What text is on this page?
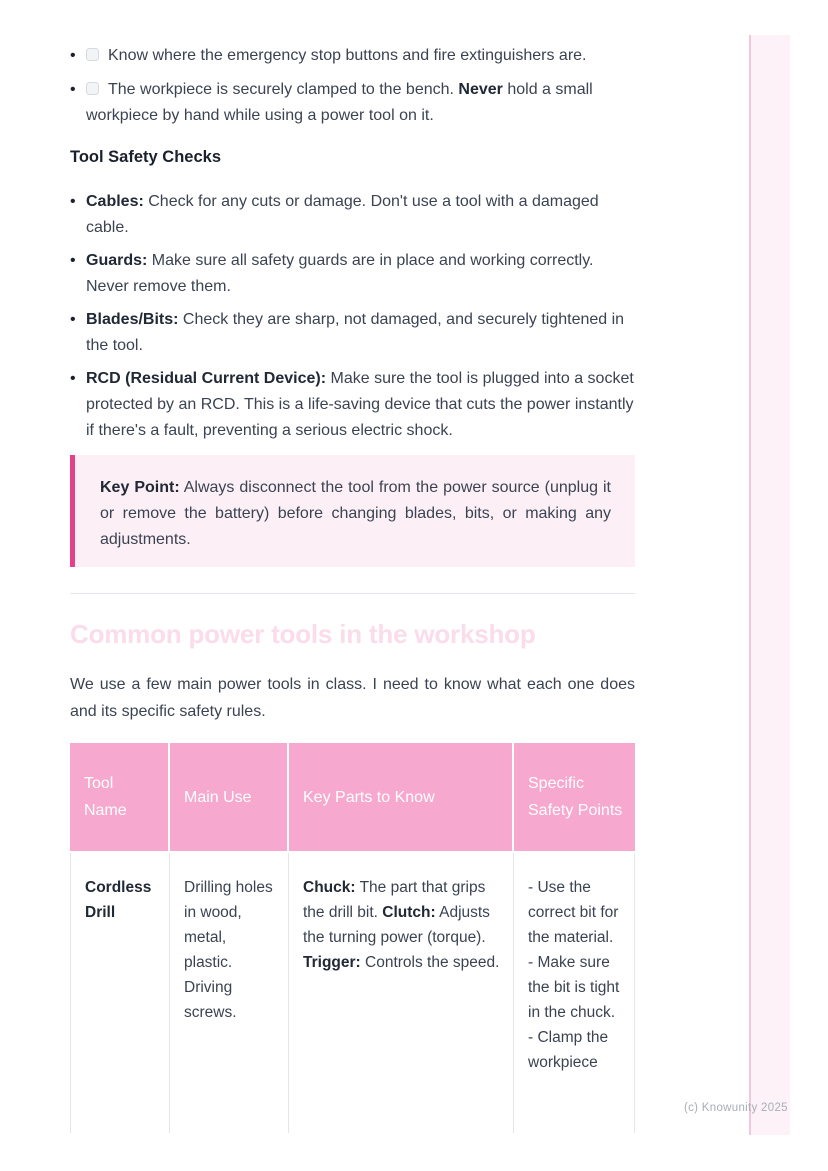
•
Know where the emergency stop buttons and fire extinguishers are.
•
The workpiece is securely clamped to the bench. Never hold a small workpiece by hand while using a power tool on it.
Tool Safety Checks
•
Cables: Check for any cuts or damage. Don't use a tool with a damaged cable.
•
Guards: Make sure all safety guards are in place and working correctly. Never remove them.
•
Blades/Bits: Check they are sharp, not damaged, and securely tightened in the tool.
•
RCD (Residual Current Device): Make sure the tool is plugged into a socket protected by an RCD. This is a life-saving device that cuts the power instantly if there's a fault, preventing a serious electric shock.
Key Point: Always disconnect the tool from the power source (unplug it or remove the battery) before changing blades, bits, or making any adjustments.
Common power tools in the workshop

We use a few main power tools in class. I need to know what each one does and its specific safety rules.

Tool Name	Main Use	Key Parts to Know	Specific Safety Points
Cordless Drill	Drilling holes in wood, metal, plastic. Driving screws.	Chuck: The part that grips the drill bit. Clutch: Adjusts the turning power (torque). Trigger: Controls the speed.	- Use the correct bit for the material.
- Make sure the bit is tight in the chuck.
- Clamp the workpiece
(c) Knowunity 2025
